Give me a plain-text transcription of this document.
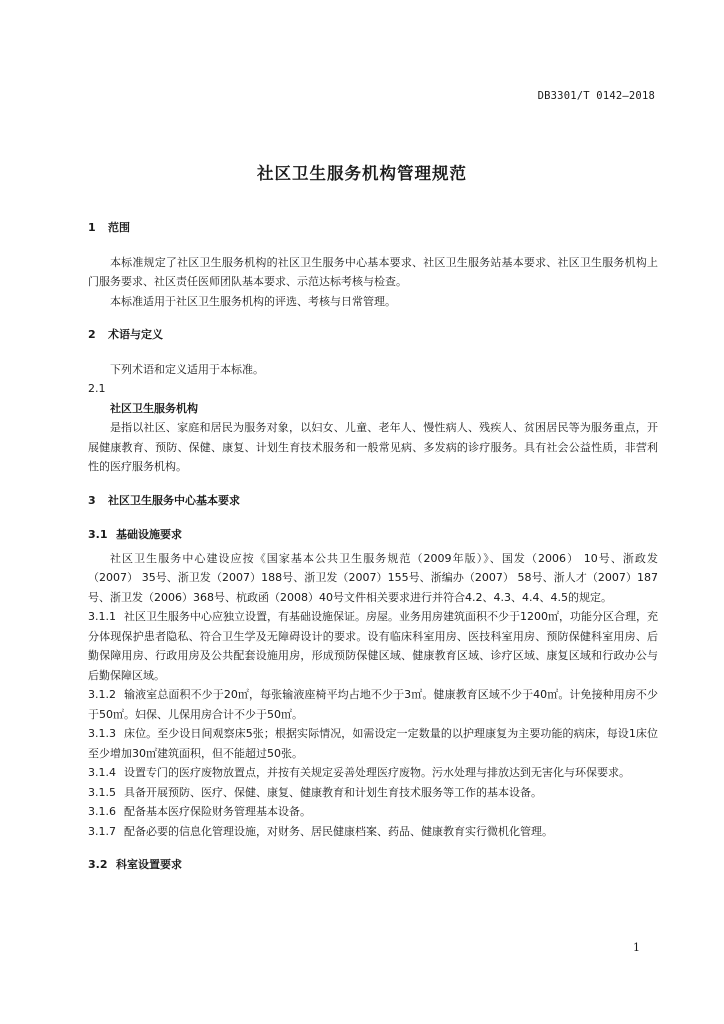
DB3301/T 0142—2018
社区卫生服务机构管理规范

1 范围

本标准规定了社区卫生服务机构的社区卫生服务中心基本要求、社区卫生服务站基本要求、社区卫生服务机构上门服务要求、社区责任医师团队基本要求、示范达标考核与检查。

本标准适用于社区卫生服务机构的评选、考核与日常管理。

2 术语与定义

下列术语和定义适用于本标准。

2.1

社区卫生服务机构

是指以社区、家庭和居民为服务对象，以妇女、儿童、老年人、慢性病人、残疾人、贫困居民等为服务重点，开展健康教育、预防、保健、康复、计划生育技术服务和一般常见病、多发病的诊疗服务。具有社会公益性质，非营利性的医疗服务机构。

3 社区卫生服务中心基本要求

3.1 基础设施要求

社区卫生服务中心建设应按《国家基本公共卫生服务规范（2009年版）》、国发（2006） 10号、浙政发（2007） 35号、浙卫发（2007）188号、浙卫发（2007）155号、浙编办（2007） 58号、浙人才（2007）187号、浙卫发（2006）368号、杭政函（2008）40号文件相关要求进行并符合4.2、4.3、4.4、4.5的规定。

3.1.1 社区卫生服务中心应独立设置，有基础设施保证。房屋。业务用房建筑面积不少于1200㎡，功能分区合理，充分体现保护患者隐私、符合卫生学及无障碍设计的要求。设有临床科室用房、医技科室用房、预防保健科室用房、后勤保障用房、行政用房及公共配套设施用房，形成预防保健区域、健康教育区域、诊疗区域、康复区域和行政办公与后勤保障区域。

3.1.2 输液室总面积不少于20㎡，每张输液座椅平均占地不少于3㎡。健康教育区域不少于40㎡。计免接种用房不少于50㎡。妇保、儿保用房合计不少于50㎡。

3.1.3 床位。至少设日间观察床5张；根据实际情况，如需设定一定数量的以护理康复为主要功能的病床，每设1床位至少增加30㎡建筑面积，但不能超过50张。

3.1.4 设置专门的医疗废物放置点，并按有关规定妥善处理医疗废物。污水处理与排放达到无害化与环保要求。

3.1.5 具备开展预防、医疗、保健、康复、健康教育和计划生育技术服务等工作的基本设备。

3.1.6 配备基本医疗保险财务管理基本设备。

3.1.7 配备必要的信息化管理设施，对财务、居民健康档案、药品、健康教育实行微机化管理。

3.2 科室设置要求

1
